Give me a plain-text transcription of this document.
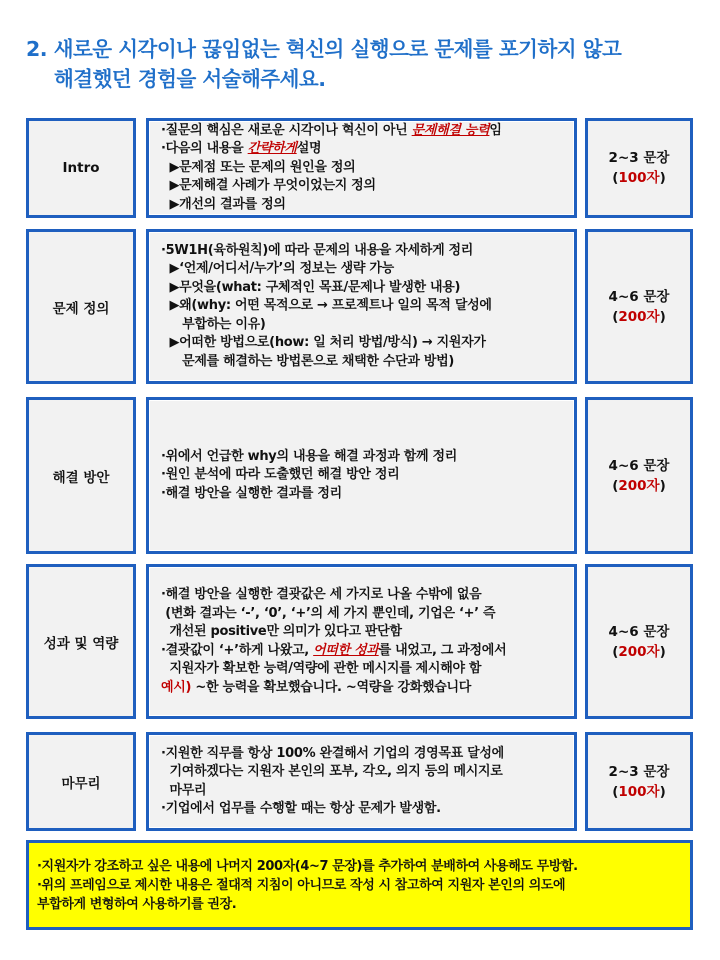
2. 새로운 시각이나 끊임없는 혁신의 실행으로 문제를 포기하지 않고
해결했던 경험을 서술해주세요.
Intro
·질문의 핵심은 새로운 시각이나 혁신이 아닌 문제해결 능력임
·다음의 내용을 간략하게설명
▶문제점 또는 문제의 원인을 정의
▶문제해결 사례가 무엇이었는지 정의
▶개선의 결과를 정의
2~3 문장
(100자)
문제 정의
·5W1H(육하원칙)에 따라 문제의 내용을 자세하게 정리
▶‘언제/어디서/누가’의 정보는 생략 가능
▶무엇을(what: 구체적인 목표/문제나 발생한 내용)
▶왜(why: 어떤 목적으로 → 프로젝트나 일의 목적 달성에
부합하는 이유)
▶어떠한 방법으로(how: 일 처리 방법/방식) → 지원자가
문제를 해결하는 방법론으로 채택한 수단과 방법)
4~6 문장
(200자)
해결 방안
·위에서 언급한 why의 내용을 해결 과정과 함께 정리
·원인 분석에 따라 도출했던 해결 방안 정리
·해결 방안을 실행한 결과를 정리
4~6 문장
(200자)
성과 및 역량
·해결 방안을 실행한 결괏값은 세 가지로 나올 수밖에 없음
(변화 결과는 ‘-’, ‘0’, ‘+’의 세 가지 뿐인데, 기업은 ‘+’ 즉
개선된 positive만 의미가 있다고 판단함
·결괏값이 ‘+’하게 나왔고, 어떠한 성과를 내었고, 그 과정에서
지원자가 확보한 능력/역량에 관한 메시지를 제시해야 함
예시) ~한 능력을 확보했습니다. ~역량을 강화했습니다
4~6 문장
(200자)
마무리
·지원한 직무를 항상 100% 완결해서 기업의 경영목표 달성에
기여하겠다는 지원자 본인의 포부, 각오, 의지 등의 메시지로
마무리
·기업에서 업무를 수행할 때는 항상 문제가 발생함.
2~3 문장
(100자)
·지원자가 강조하고 싶은 내용에 나머지 200자(4~7 문장)를 추가하여 분배하여 사용해도 무방함.
·위의 프레임으로 제시한 내용은 절대적 지침이 아니므로 작성 시 참고하여 지원자 본인의 의도에
부합하게 변형하여 사용하기를 권장.
